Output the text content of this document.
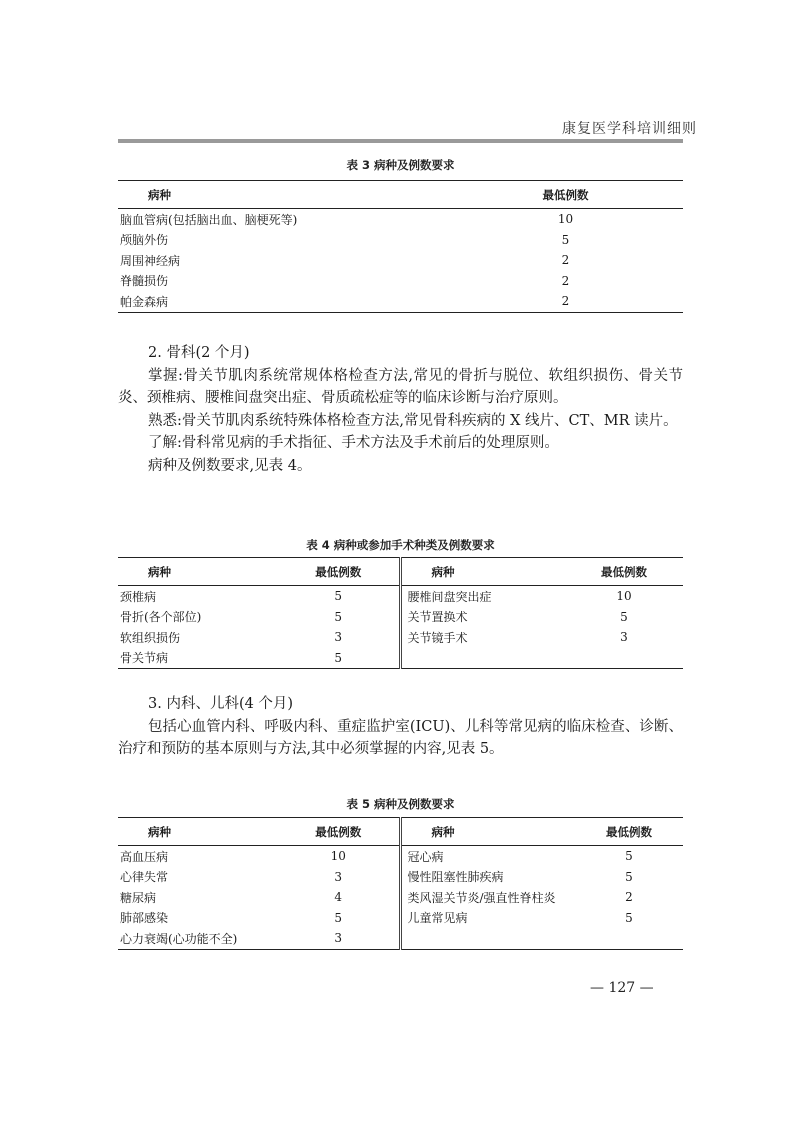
康复医学科培训细则
表 3 病种及例数要求
病种	最低例数
脑血管病(包括脑出血、脑梗死等)	10
颅脑外伤	5
周围神经病	2
脊髓损伤	2
帕金森病	2

2. 骨科(2 个月)

掌握:骨关节肌肉系统常规体格检查方法,常见的骨折与脱位、软组织损伤、骨关节炎、颈椎病、腰椎间盘突出症、骨质疏松症等的临床诊断与治疗原则。

熟悉:骨关节肌肉系统特殊体格检查方法,常见骨科疾病的 X 线片、CT、MR 读片。

了解:骨科常见病的手术指征、手术方法及手术前后的处理原则。

病种及例数要求,见表 4。

表 4 病种或参加手术种类及例数要求
病种	最低例数	病种	最低例数
颈椎病	5	腰椎间盘突出症	10
骨折(各个部位)	5	关节置换术	5
软组织损伤	3	关节镜手术	3
骨关节病	5		

3. 内科、儿科(4 个月)

包括心血管内科、呼吸内科、重症监护室(ICU)、儿科等常见病的临床检查、诊断、治疗和预防的基本原则与方法,其中必须掌握的内容,见表 5。

表 5 病种及例数要求
病种	最低例数	病种	最低例数
高血压病	10	冠心病	5
心律失常	3	慢性阻塞性肺疾病	5
糖尿病	4	类风湿关节炎/强直性脊柱炎	2
肺部感染	5	儿童常见病	5
心力衰竭(心功能不全)	3		
— 127 —
